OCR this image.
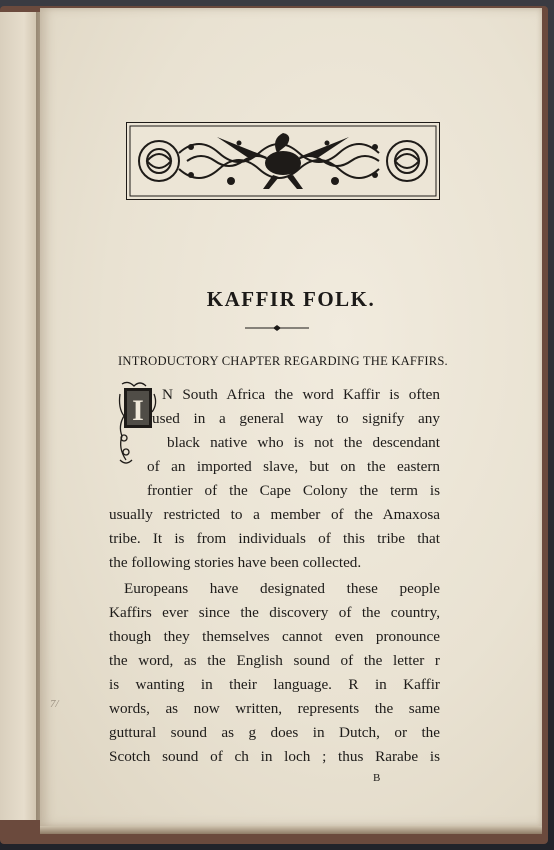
KAFFIR FOLK.
INTRODUCTORY CHAPTER REGARDING THE KAFFIRS.
I N South Africa the word Kaffir is often
used in a general way to signify any
black native who is not the descendant
of an imported slave, but on the eastern
frontier of the Cape Colony the term is
usually restricted to a member of the Amaxosa
tribe. It is from individuals of this tribe that
the following stories have been collected.
Europeans have designated these people
Kaffirs ever since the discovery of the country,
though they themselves cannot even pronounce
the word, as the English sound of the letter r
is wanting in their language. R in Kaffir
words, as now written, represents the same
guttural sound as g does in Dutch, or the
Scotch sound of ch in loch ; thus Rarabe is
B
7/
